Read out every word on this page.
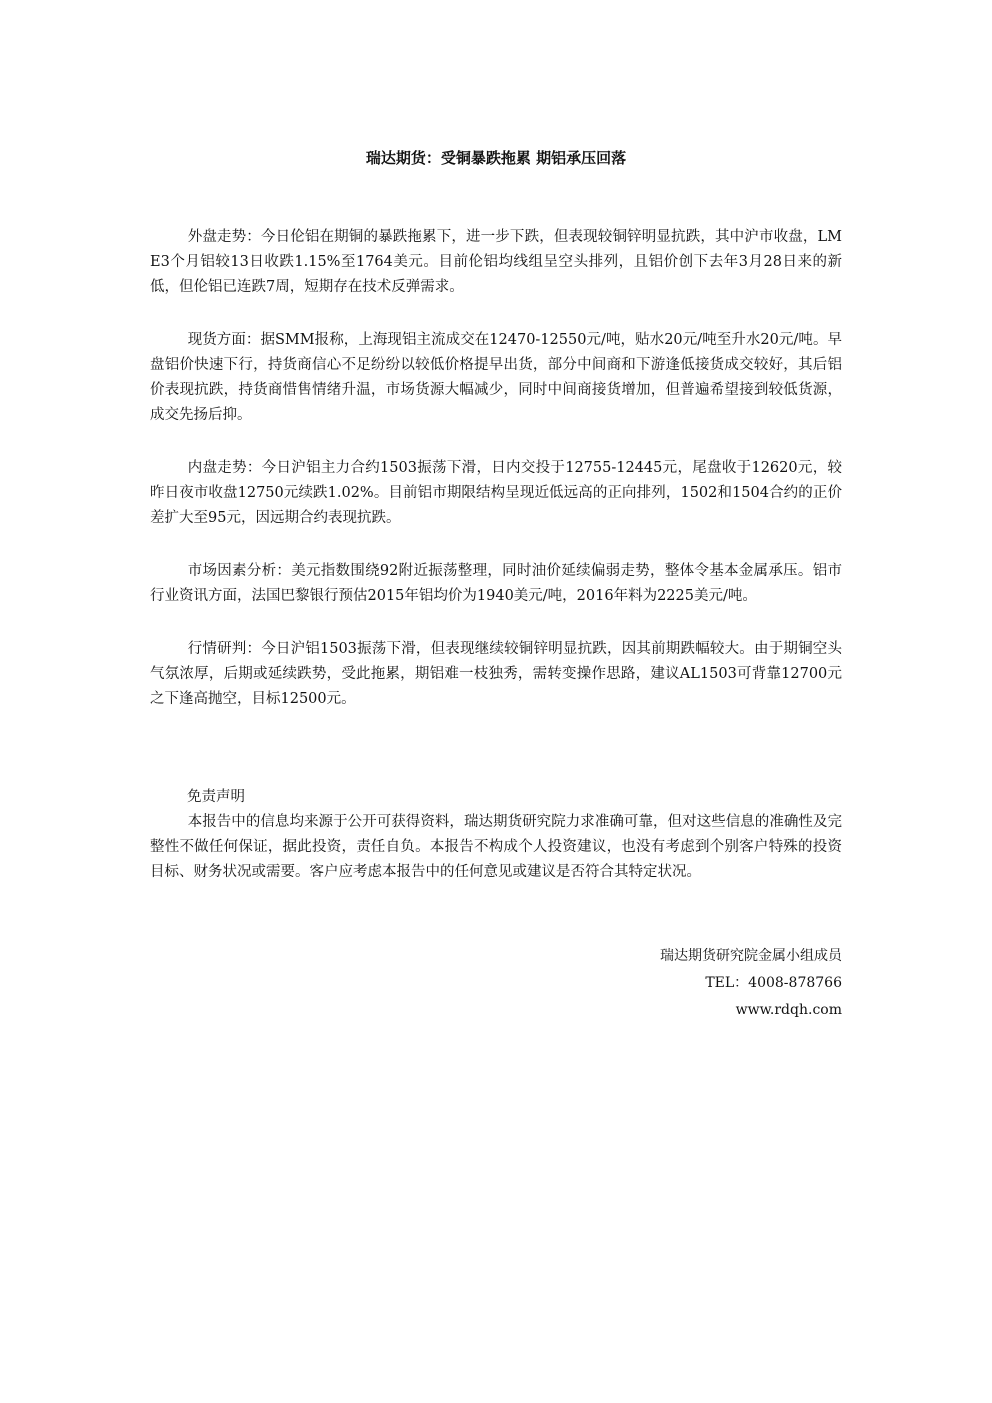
瑞达期货：受铜暴跌拖累 期铝承压回落

外盘走势：今日伦铝在期铜的暴跌拖累下，进一步下跌，但表现较铜锌明显抗跌，其中沪市收盘，LME3个月铝较13日收跌1.15%至1764美元。目前伦铝均线组呈空头排列，且铝价创下去年3月28日来的新低，但伦铝已连跌7周，短期存在技术反弹需求。

现货方面：据SMM报称，上海现铝主流成交在12470-12550元/吨，贴水20元/吨至升水20元/吨。早盘铝价快速下行，持货商信心不足纷纷以较低价格提早出货，部分中间商和下游逢低接货成交较好，其后铝价表现抗跌，持货商惜售情绪升温，市场货源大幅减少，同时中间商接货增加，但普遍希望接到较低货源，成交先扬后抑。

内盘走势：今日沪铝主力合约1503振荡下滑，日内交投于12755-12445元，尾盘收于12620元，较昨日夜市收盘12750元续跌1.02%。目前铝市期限结构呈现近低远高的正向排列，1502和1504合约的正价差扩大至95元，因远期合约表现抗跌。

市场因素分析：美元指数围绕92附近振荡整理，同时油价延续偏弱走势，整体令基本金属承压。铝市行业资讯方面，法国巴黎银行预估2015年铝均价为1940美元/吨，2016年料为2225美元/吨。

行情研判：今日沪铝1503振荡下滑，但表现继续较铜锌明显抗跌，因其前期跌幅较大。由于期铜空头气氛浓厚，后期或延续跌势，受此拖累，期铝难一枝独秀，需转变操作思路，建议AL1503可背靠12700元之下逢高抛空，目标12500元。

免责声明

本报告中的信息均来源于公开可获得资料，瑞达期货研究院力求准确可靠，但对这些信息的准确性及完整性不做任何保证，据此投资，责任自负。本报告不构成个人投资建议，也没有考虑到个别客户特殊的投资目标、财务状况或需要。客户应考虑本报告中的任何意见或建议是否符合其特定状况。

瑞达期货研究院金属小组成员
TEL：4008-878766
www.rdqh.com
